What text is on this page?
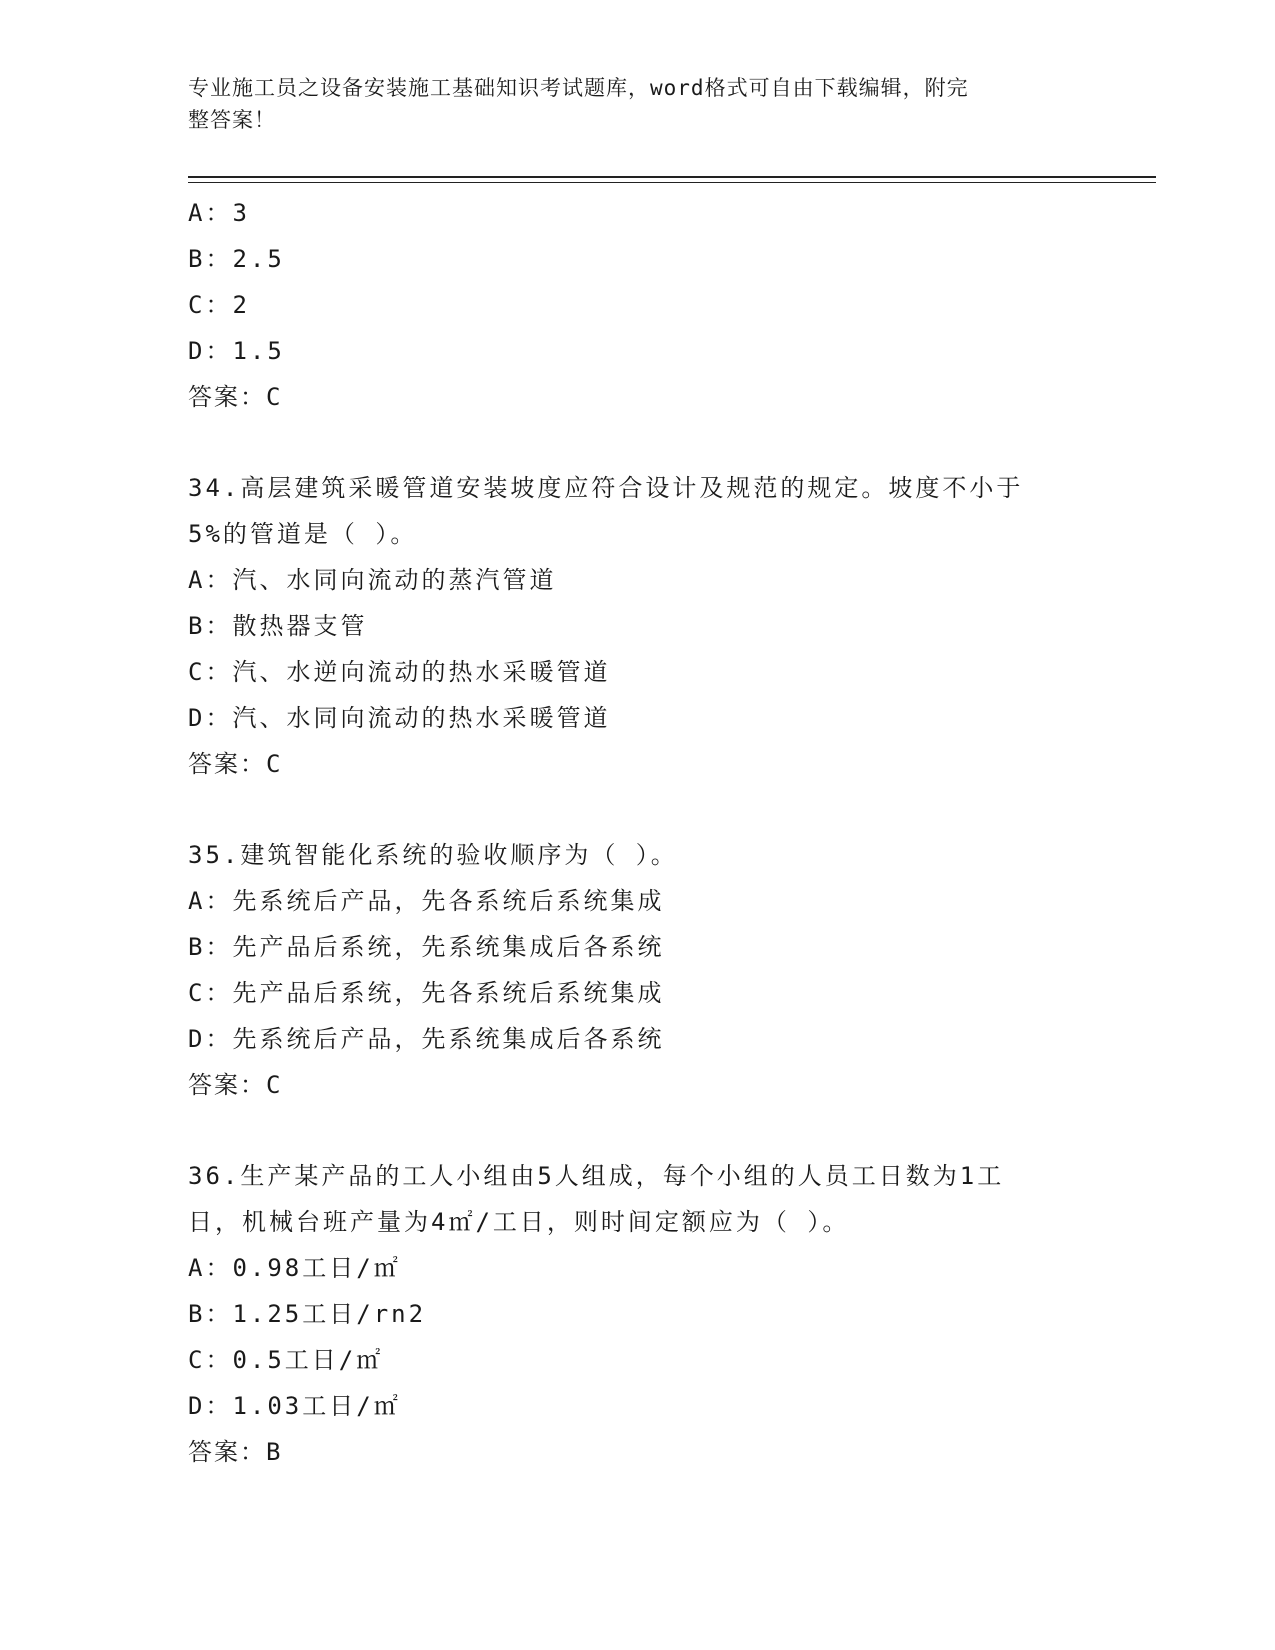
专业施工员之设备安装施工基础知识考试题库，word格式可自由下载编辑，附完
整答案！
A：3
B：2.5
C：2
D：1.5
答案：C
34.高层建筑采暖管道安装坡度应符合设计及规范的规定。坡度不小于
5%的管道是（ ）。
A：汽、水同向流动的蒸汽管道
B：散热器支管
C：汽、水逆向流动的热水采暖管道
D：汽、水同向流动的热水采暖管道
答案：C
35.建筑智能化系统的验收顺序为（ ）。
A：先系统后产品，先各系统后系统集成
B：先产品后系统，先系统集成后各系统
C：先产品后系统，先各系统后系统集成
D：先系统后产品，先系统集成后各系统
答案：C
36.生产某产品的工人小组由5人组成，每个小组的人员工日数为1工
日，机械台班产量为4㎡/工日，则时间定额应为（ ）。
A：0.98工日/㎡
B：1.25工日/rn2
C：0.5工日/㎡
D：1.03工日/㎡
答案：B
